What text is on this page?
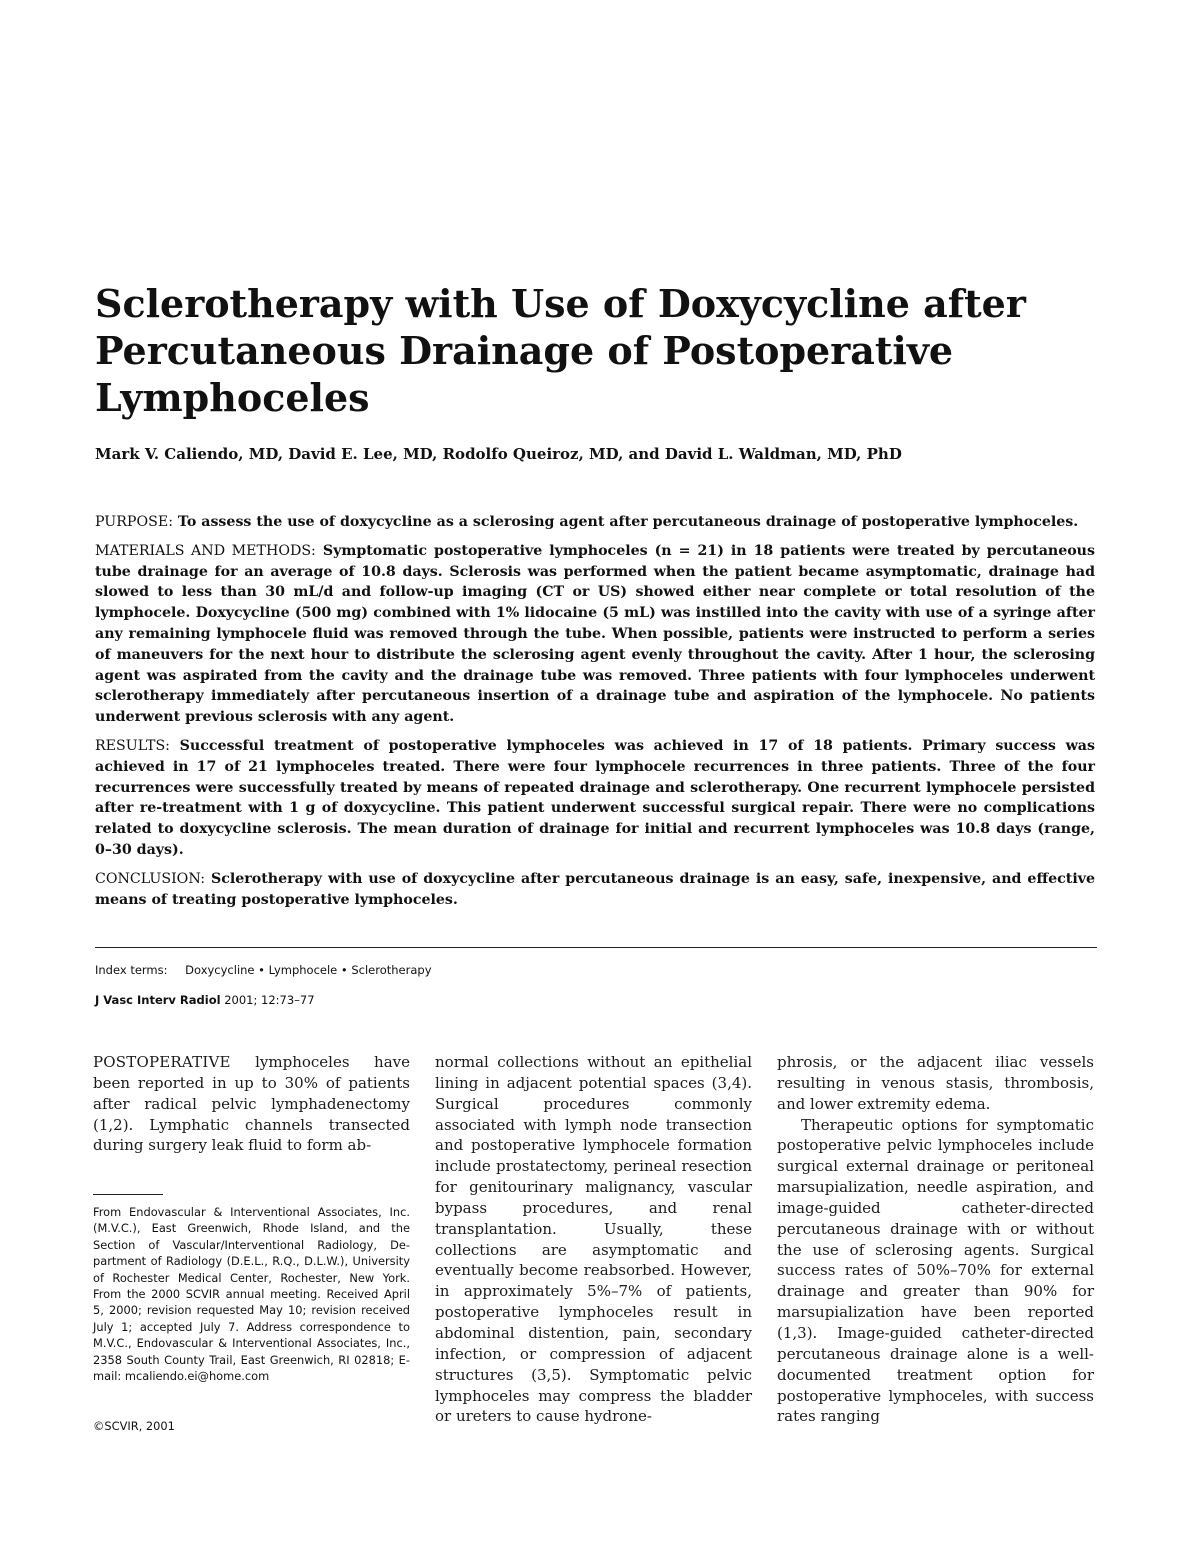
Sclerotherapy with Use of Doxycycline after Percutaneous Drainage of Postoperative Lymphoceles

Mark V. Caliendo, MD, David E. Lee, MD, Rodolfo Queiroz, MD, and David L. Waldman, MD, PhD

PURPOSE: To assess the use of doxycycline as a sclerosing agent after percutaneous drainage of postoperative lymphoceles.

MATERIALS AND METHODS: Symptomatic postoperative lymphoceles (n = 21) in 18 patients were treated by percutaneous tube drainage for an average of 10.8 days. Sclerosis was performed when the patient became asymptomatic, drainage had slowed to less than 30 mL/d and follow-up imaging (CT or US) showed either near complete or total resolution of the lymphocele. Doxycycline (500 mg) combined with 1% lidocaine (5 mL) was instilled into the cavity with use of a syringe after any remaining lymphocele fluid was removed through the tube. When possible, patients were instructed to perform a series of maneuvers for the next hour to distribute the sclerosing agent evenly throughout the cavity. After 1 hour, the sclerosing agent was aspirated from the cavity and the drainage tube was removed. Three patients with four lymphoceles underwent sclerotherapy immediately after percutaneous insertion of a drainage tube and aspiration of the lymphocele. No patients underwent previous sclerosis with any agent.

RESULTS: Successful treatment of postoperative lymphoceles was achieved in 17 of 18 patients. Primary success was achieved in 17 of 21 lymphoceles treated. There were four lymphocele recurrences in three patients. Three of the four recurrences were successfully treated by means of repeated drainage and sclerotherapy. One recurrent lymphocele persisted after re-treatment with 1 g of doxycycline. This patient underwent successful surgical repair. There were no complications related to doxycycline sclerosis. The mean duration of drainage for initial and recurrent lymphoceles was 10.8 days (range, 0–30 days).

CONCLUSION: Sclerotherapy with use of doxycycline after percutaneous drainage is an easy, safe, inexpensive, and effective means of treating postoperative lymphoceles.

Index terms: Doxycycline • Lymphocele • Sclerotherapy
J Vasc Interv Radiol 2001; 12:73–77

POSTOPERATIVE lymphoceles have been reported in up to 30% of patients after radical pelvic lymphadenectomy (1,2). Lymphatic channels transected during surgery leak fluid to form ab-

From Endovascular & Interventional Associates, Inc. (M.V.C.), East Greenwich, Rhode Island, and the Section of Vascular/Interventional Radiology, Department of Radiology (D.E.L., R.Q., D.L.W.), University of Rochester Medical Center, Rochester, New York. From the 2000 SCVIR annual meeting. Received April 5, 2000; revision requested May 10; revision received July 1; accepted July 7. Address correspondence to M.V.C., Endovascular & Interventional Associates, Inc., 2358 South County Trail, East Greenwich, RI 02818; E-mail: mcaliendo.ei@home.com
©SCVIR, 2001

normal collections without an epithelial lining in adjacent potential spaces (3,4). Surgical procedures commonly associated with lymph node transection and postoperative lymphocele formation include prostatectomy, perineal resection for genitourinary malignancy, vascular bypass procedures, and renal transplantation. Usually, these collections are asymptomatic and eventually become reabsorbed. However, in approximately 5%–7% of patients, postoperative lymphoceles result in abdominal distention, pain, secondary infection, or compression of adjacent structures (3,5). Symptomatic pelvic lymphoceles may compress the bladder or ureters to cause hydrone-

phrosis, or the adjacent iliac vessels resulting in venous stasis, thrombosis, and lower extremity edema.

Therapeutic options for symptomatic postoperative pelvic lymphoceles include surgical external drainage or peritoneal marsupialization, needle aspiration, and image-guided catheter-directed percutaneous drainage with or without the use of sclerosing agents. Surgical success rates of 50%–70% for external drainage and greater than 90% for marsupialization have been reported (1,3). Image-guided catheter-directed percutaneous drainage alone is a well-documented treatment option for postoperative lymphoceles, with success rates ranging
